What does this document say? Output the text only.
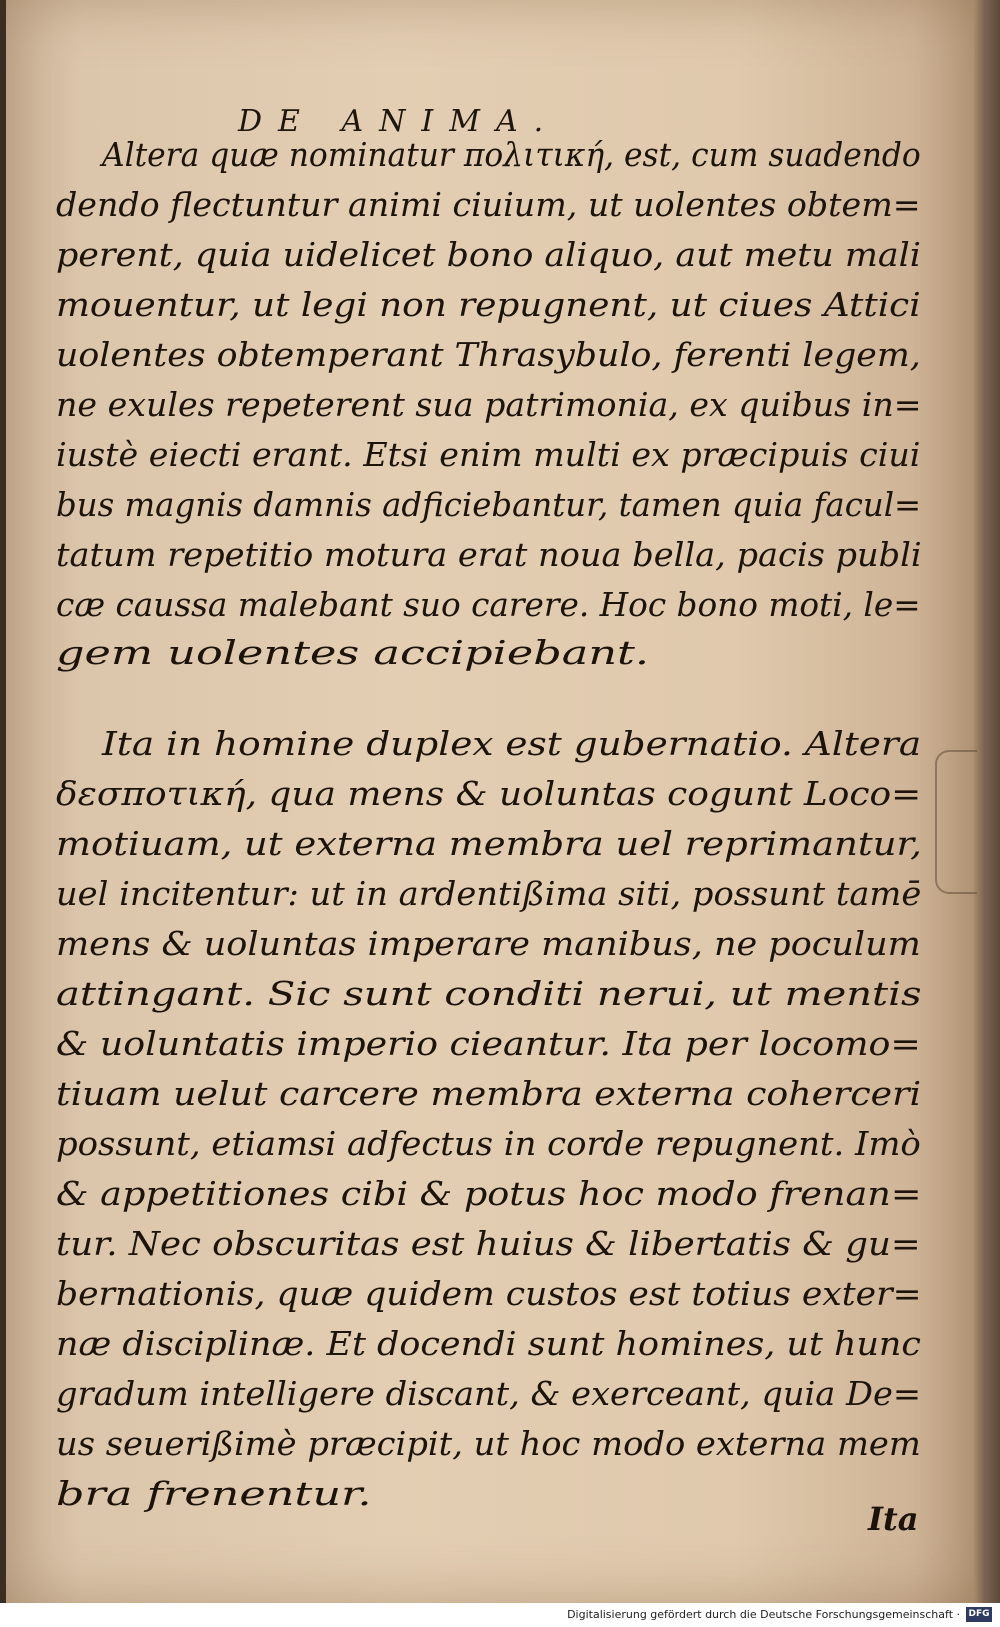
DE ANIMA.
Altera quæ nominatur πολιτική, est, cum suadendo
dendo flectuntur animi ciuium, ut uolentes obtem=
perent, quia uidelicet bono aliquo, aut metu mali
mouentur, ut legi non repugnent, ut ciues Attici
uolentes obtemperant Thrasybulo, ferenti legem,
ne exules repeterent sua patrimonia, ex quibus in=
iustè eiecti erant. Etsi enim multi ex præcipuis ciui
bus magnis damnis adficiebantur, tamen quia facul=
tatum repetitio motura erat noua bella, pacis publi
cæ caussa malebant suo carere. Hoc bono moti, le=
gem uolentes accipiebant.
Ita in homine duplex est gubernatio. Altera
δεσποτική, qua mens & uoluntas cogunt Loco=
motiuam, ut externa membra uel reprimantur,
uel incitentur: ut in ardentißima siti, possunt tamē
mens & uoluntas imperare manibus, ne poculum
attingant. Sic sunt conditi nerui, ut mentis
& uoluntatis imperio cieantur. Ita per locomo=
tiuam uelut carcere membra externa coherceri
possunt, etiamsi adfectus in corde repugnent. Imò
& appetitiones cibi & potus hoc modo frenan=
tur. Nec obscuritas est huius & libertatis & gu=
bernationis, quæ quidem custos est totius exter=
næ disciplinæ. Et docendi sunt homines, ut hunc
gradum intelligere discant, & exerceant, quia De=
us seuerißimè præcipit, ut hoc modo externa mem
bra frenentur.
Ita
Digitalisierung gefördert durch die Deutsche Forschungsgemeinschaft · DFG
